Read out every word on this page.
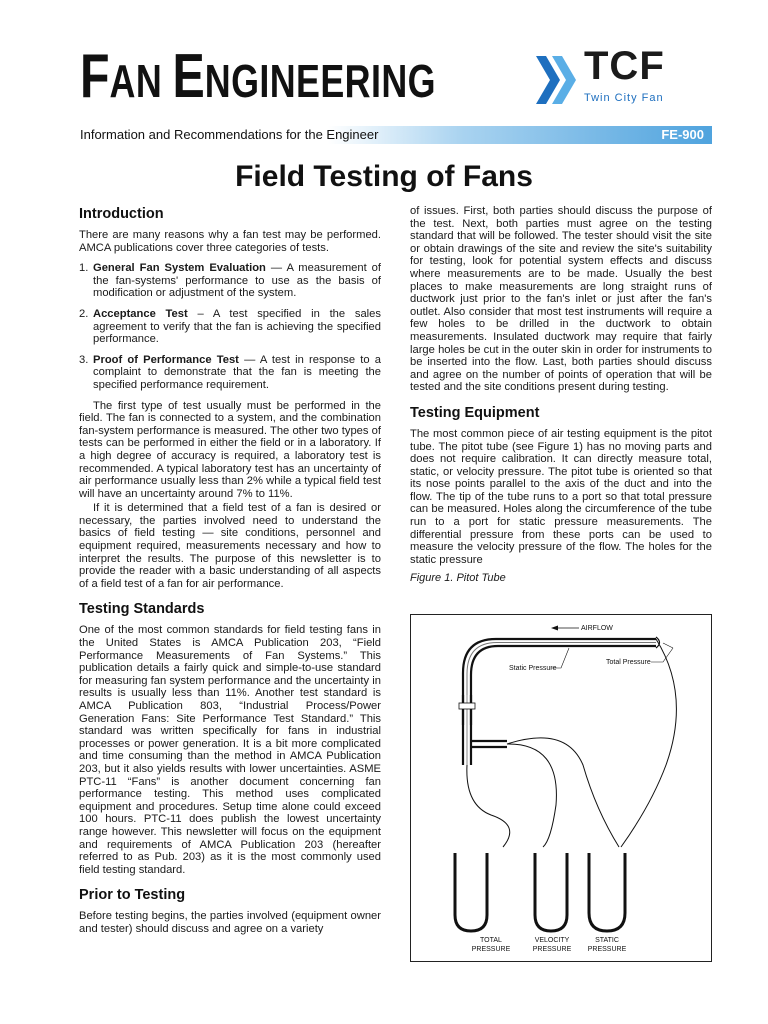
FAN ENGINEERING	TCF
Twin City Fan
Information and Recommendations for the Engineer	FE-900
Field Testing of Fans
Introduction

There are many reasons why a fan test may be performed. AMCA publications cover three categories of tests.

1. General Fan System Evaluation — A measurement of the fan-systems' performance to use as the basis of modification or adjustment of the system.
2. Acceptance Test – A test specified in the sales agreement to verify that the fan is achieving the specified performance.
3. Proof of Performance Test — A test in response to a complaint to demonstrate that the fan is meeting the specified performance requirement.

The first type of test usually must be performed in the field. The fan is connected to a system, and the combination fan-system performance is measured. The other two types of tests can be performed in either the field or in a laboratory. If a high degree of accuracy is required, a laboratory test is recommended. A typical laboratory test has an uncertainty of air performance usually less than 2% while a typical field test will have an uncertainty around 7% to 11%.

If it is determined that a field test of a fan is desired or necessary, the parties involved need to understand the basics of field testing — site conditions, personnel and equipment required, measurements necessary and how to interpret the results. The purpose of this newsletter is to provide the reader with a basic understanding of all aspects of a field test of a fan for air performance.

Testing Standards

One of the most common standards for field testing fans in the United States is AMCA Publication 203, “Field Performance Measurements of Fan Systems.” This publication details a fairly quick and simple-to-use standard for measuring fan system performance and the uncertainty in results is usually less than 11%. Another test standard is AMCA Publication 803, “Industrial Process/Power Generation Fans: Site Performance Test Standard.” This standard was written specifically for fans in industrial processes or power generation. It is a bit more complicated and time consuming than the method in AMCA Publication 203, but it also yields results with lower uncertainties. ASME PTC-11 “Fans” is another document concerning fan performance testing. This method uses complicated equipment and procedures. Setup time alone could exceed 100 hours. PTC-11 does publish the lowest uncertainty range however. This newsletter will focus on the equipment and requirements of AMCA Publication 203 (hereafter referred to as Pub. 203) as it is the most commonly used field testing standard.

Prior to Testing

Before testing begins, the parties involved (equipment owner and tester) should discuss and agree on a variety

of issues. First, both parties should discuss the purpose of the test. Next, both parties must agree on the testing standard that will be followed. The tester should visit the site or obtain drawings of the site and review the site's suitability for testing, look for potential system effects and discuss where measurements are to be made. Usually the best places to make measurements are long straight runs of ductwork just prior to the fan's inlet or just after the fan's outlet. Also consider that most test instruments will require a few holes to be drilled in the ductwork to obtain measurements. Insulated ductwork may require that fairly large holes be cut in the outer skin in order for instruments to be inserted into the flow. Last, both parties should discuss and agree on the number of points of operation that will be tested and the site conditions present during testing.

Testing Equipment

The most common piece of air testing equipment is the pitot tube. The pitot tube (see Figure 1) has no moving parts and does not require calibration. It can directly measure total, static, or velocity pressure. The pitot tube is oriented so that its nose points parallel to the axis of the duct and into the flow. The tip of the tube runs to a port so that total pressure can be measured. Holes along the circumference of the tube run to a port for static pressure measurements. The differential pressure from these ports can be used to measure the velocity pressure of the flow. The holes for the static pressure

Figure 1. Pitot Tube
AIRFLOW
Static Pressure
Total Pressure
TOTAL
PRESSURE
VELOCITY
PRESSURE
STATIC
PRESSURE
